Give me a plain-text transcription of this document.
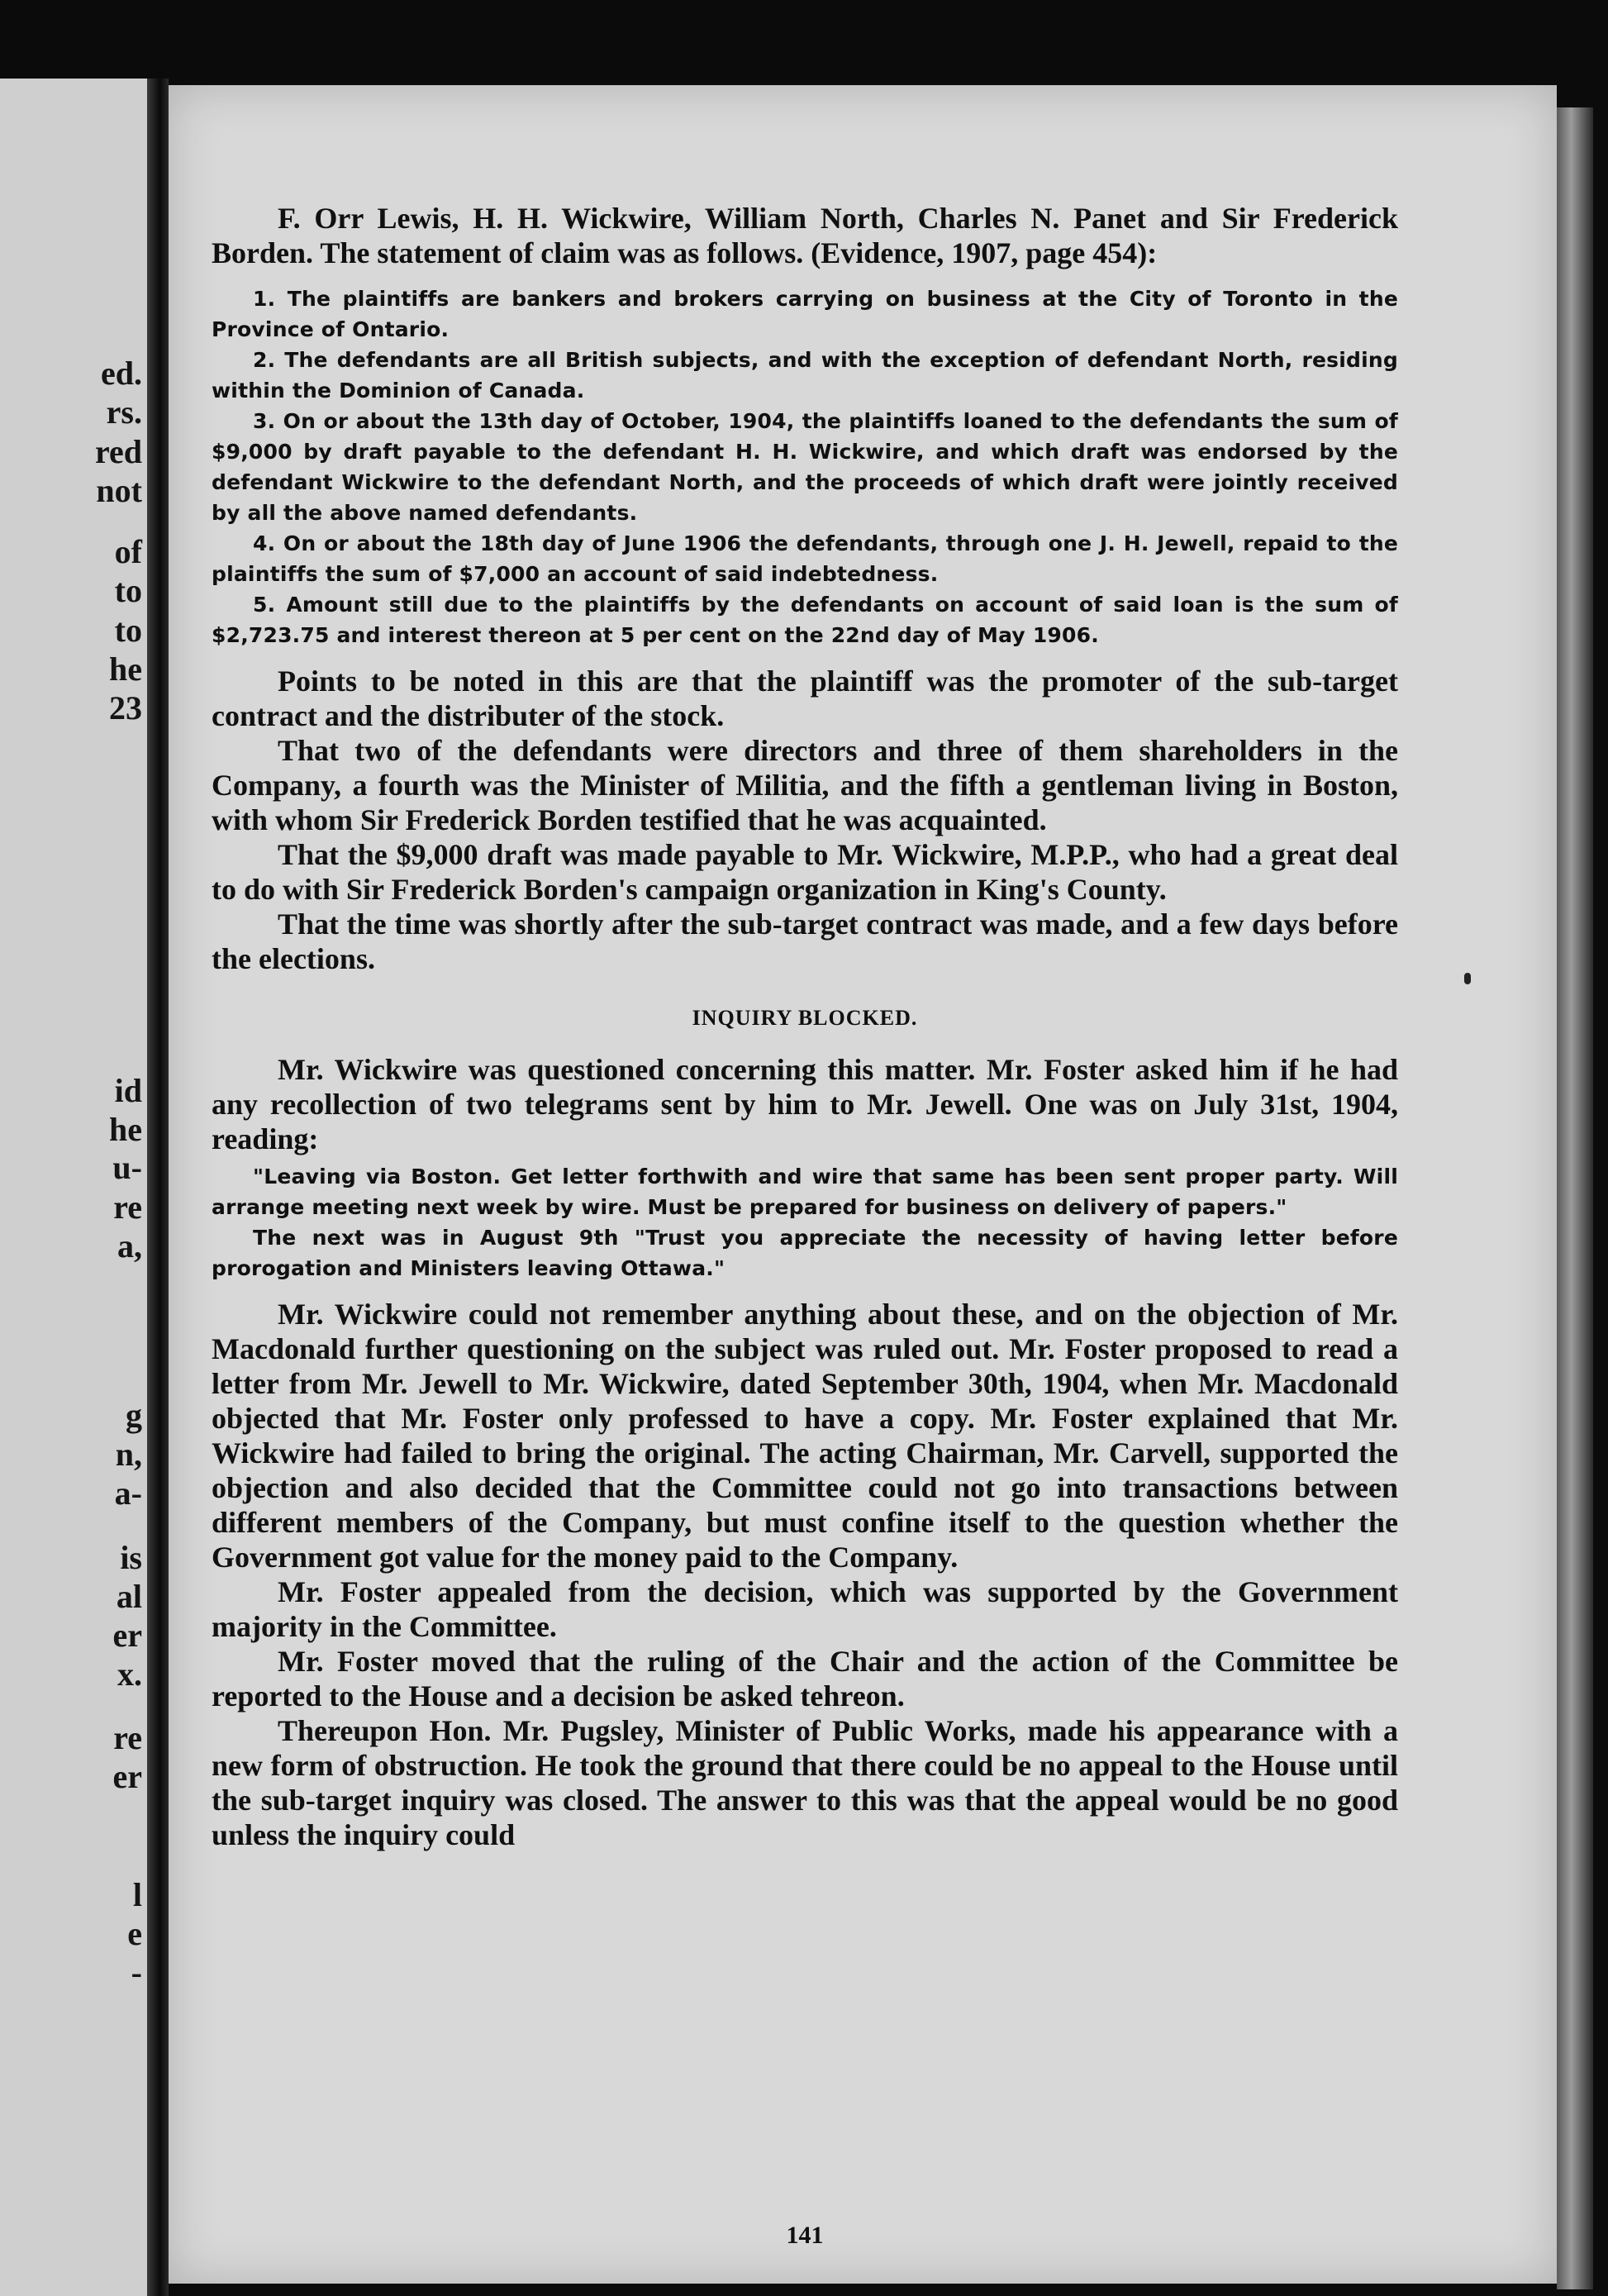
ed.
rs.
red
not
of
to
to
he
23
id
he
u-
re
a,
g
n,
a-
is
al
er
x.
re
er
l
e
-

F. Orr Lewis, H. H. Wickwire, William North, Charles N. Panet and Sir Frederick Borden. The statement of claim was as follows. (Evidence, 1907, page 454):

1. The plaintiffs are bankers and brokers carrying on business at the City of Toronto in the Province of Ontario.

2. The defendants are all British subjects, and with the exception of defendant North, residing within the Dominion of Canada.

3. On or about the 13th day of October, 1904, the plaintiffs loaned to the defendants the sum of $9,000 by draft payable to the defendant H. H. Wickwire, and which draft was endorsed by the defendant Wickwire to the defendant North, and the proceeds of which draft were jointly received by all the above named defendants.

4. On or about the 18th day of June 1906 the defendants, through one J. H. Jewell, repaid to the plaintiffs the sum of $7,000 an account of said indebtedness.

5. Amount still due to the plaintiffs by the defendants on account of said loan is the sum of $2,723.75 and interest thereon at 5 per cent on the 22nd day of May 1906.

Points to be noted in this are that the plaintiff was the promoter of the sub-target contract and the distributer of the stock.

That two of the defendants were directors and three of them shareholders in the Company, a fourth was the Minister of Militia, and the fifth a gentleman living in Boston, with whom Sir Frederick Borden testified that he was acquainted.

That the $9,000 draft was made payable to Mr. Wickwire, M.P.P., who had a great deal to do with Sir Frederick Borden's campaign organization in King's County.

That the time was shortly after the sub-target contract was made, and a few days before the elections.

INQUIRY BLOCKED.

Mr. Wickwire was questioned concerning this matter. Mr. Foster asked him if he had any recollection of two telegrams sent by him to Mr. Jewell. One was on July 31st, 1904, reading:

"Leaving via Boston. Get letter forthwith and wire that same has been sent proper party. Will arrange meeting next week by wire. Must be prepared for business on delivery of papers."

The next was in August 9th "Trust you appreciate the necessity of having letter before prorogation and Ministers leaving Ottawa."

Mr. Wickwire could not remember anything about these, and on the objection of Mr. Macdonald further questioning on the subject was ruled out. Mr. Foster proposed to read a letter from Mr. Jewell to Mr. Wickwire, dated September 30th, 1904, when Mr. Macdonald objected that Mr. Foster only professed to have a copy. Mr. Foster explained that Mr. Wickwire had failed to bring the original. The acting Chairman, Mr. Carvell, supported the objection and also decided that the Committee could not go into transactions between different members of the Company, but must confine itself to the question whether the Government got value for the money paid to the Company.

Mr. Foster appealed from the decision, which was supported by the Government majority in the Committee.

Mr. Foster moved that the ruling of the Chair and the action of the Committee be reported to the House and a decision be asked tehreon.

Thereupon Hon. Mr. Pugsley, Minister of Public Works, made his appearance with a new form of obstruction. He took the ground that there could be no appeal to the House until the sub-target inquiry was closed. The answer to this was that the appeal would be no good unless the inquiry could

141
